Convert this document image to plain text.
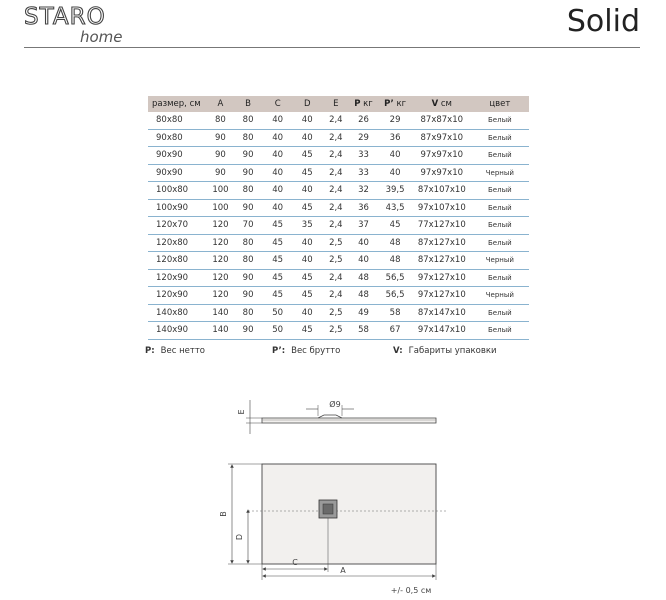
STARO
home	Solid
размер, см	A	B	C	D	E	P кг	P’ кг	V см	цвет
80x80	80	80	40	40	2,4	26	29	87x87x10	Белый
90x80	90	80	40	40	2,4	29	36	87x97x10	Белый
90x90	90	90	40	45	2,4	33	40	97x97x10	Белый
90x90	90	90	40	45	2,4	33	40	97x97x10	Черный
100x80	100	80	40	40	2,4	32	39,5	87x107x10	Белый
100x90	100	90	40	45	2,4	36	43,5	97x107x10	Белый
120x70	120	70	45	35	2,4	37	45	77x127x10	Белый
120x80	120	80	45	40	2,5	40	48	87x127x10	Белый
120x80	120	80	45	40	2,5	40	48	87x127x10	Черный
120x90	120	90	45	45	2,4	48	56,5	97x127x10	Белый
120x90	120	90	45	45	2,4	48	56,5	97x127x10	Черный
140x80	140	80	50	40	2,5	49	58	87x147x10	Белый
140x90	140	90	50	45	2,5	58	67	97x147x10	Белый
P: Вес нетто	P’: Вес брутто	V: Габариты упаковки
Ø9
E
B
D
C
A
+/- 0,5 см
